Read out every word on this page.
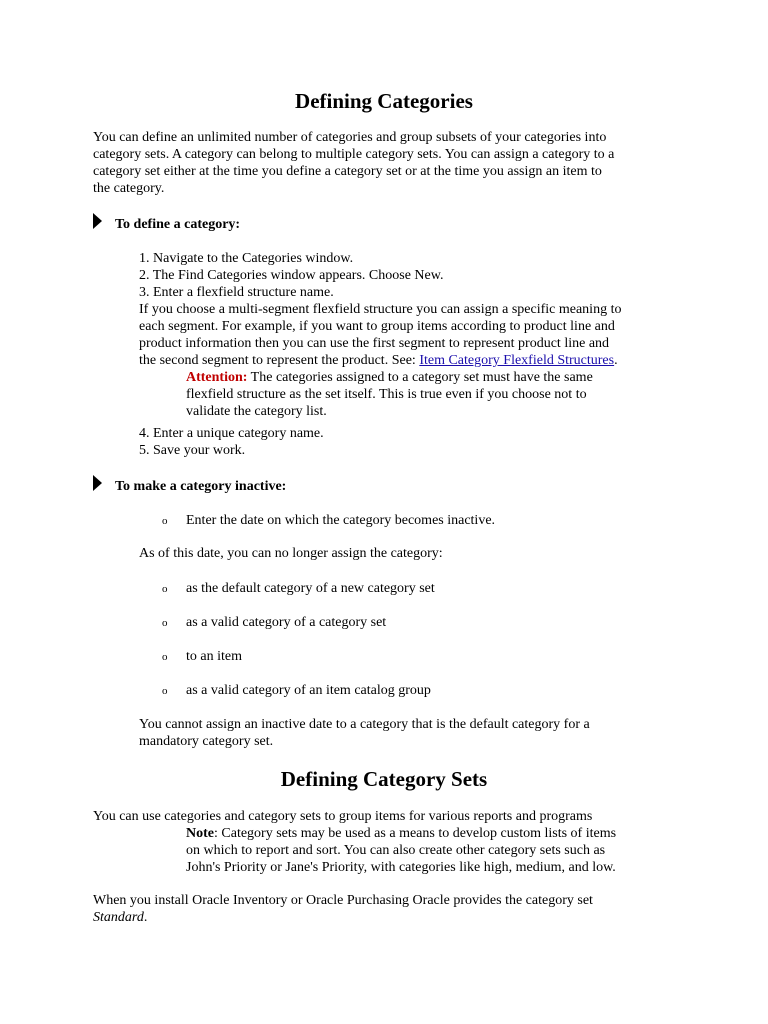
Defining Categories
You can define an unlimited number of categories and group subsets of your categories into
category sets. A category can belong to multiple category sets. You can assign a category to a
category set either at the time you define a category set or at the time you assign an item to
the category.
To define a category:
1. Navigate to the Categories window.
2. The Find Categories window appears. Choose New.
3. Enter a flexfield structure name.
If you choose a multi-segment flexfield structure you can assign a specific meaning to
each segment. For example, if you want to group items according to product line and
product information then you can use the first segment to represent product line and
the second segment to represent the product. See: Item Category Flexfield Structures.
Attention: The categories assigned to a category set must have the same
flexfield structure as the set itself. This is true even if you choose not to
validate the category list.
4. Enter a unique category name.
5. Save your work.
To make a category inactive:
o Enter the date on which the category becomes inactive.
As of this date, you can no longer assign the category:
o as the default category of a new category set
o as a valid category of a category set
o to an item
o as a valid category of an item catalog group
You cannot assign an inactive date to a category that is the default category for a
mandatory category set.
Defining Category Sets
You can use categories and category sets to group items for various reports and programs
Note: Category sets may be used as a means to develop custom lists of items
on which to report and sort. You can also create other category sets such as
John's Priority or Jane's Priority, with categories like high, medium, and low.
When you install Oracle Inventory or Oracle Purchasing Oracle provides the category set
Standard.
